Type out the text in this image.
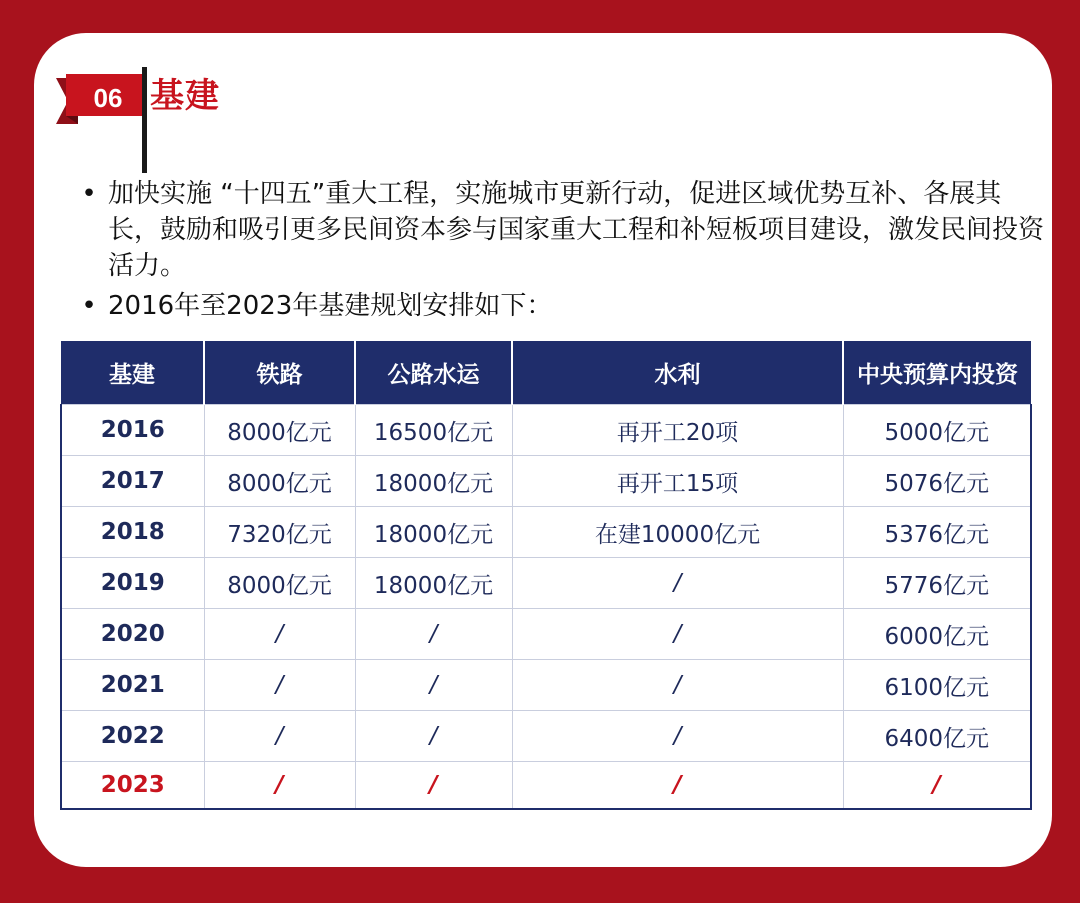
06 基建
• 加快实施 “十四五”重大工程，实施城市更新行动，促进区域优势互补、各展其长，鼓励和吸引更多民间资本参与国家重大工程和补短板项目建设，激发民间投资活力。
• 2016年至2023年基建规划安排如下：
基建	铁路	公路水运	水利	中央预算内投资
2016	8000亿元	16500亿元	再开工20项	5000亿元
2017	8000亿元	18000亿元	再开工15项	5076亿元
2018	7320亿元	18000亿元	在建10000亿元	5376亿元
2019	8000亿元	18000亿元	/	5776亿元
2020	/	/	/	6000亿元
2021	/	/	/	6100亿元
2022	/	/	/	6400亿元
2023	/	/	/	/
